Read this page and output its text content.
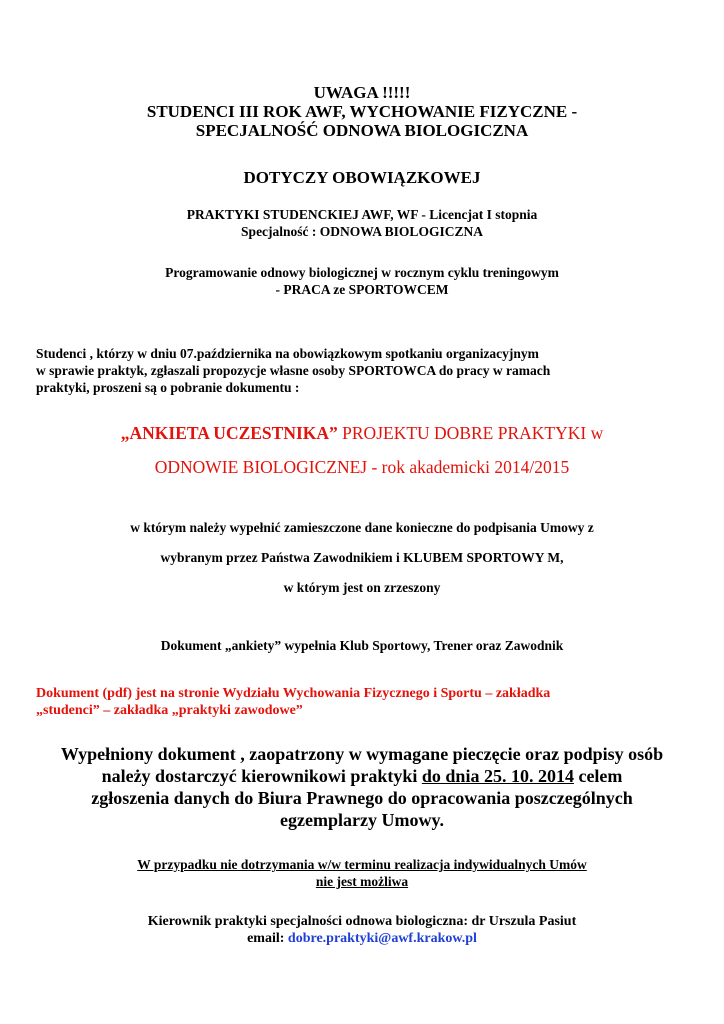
UWAGA !!!!!
STUDENCI III ROK AWF, WYCHOWANIE FIZYCZNE -
SPECJALNOŚĆ ODNOWA BIOLOGICZNA
DOTYCZY OBOWIĄZKOWEJ
PRAKTYKI STUDENCKIEJ AWF, WF - Licencjat I stopnia
Specjalność : ODNOWA BIOLOGICZNA
Programowanie odnowy biologicznej w rocznym cyklu treningowym
- PRACA ze SPORTOWCEM
Studenci , którzy w dniu 07.października na obowiązkowym spotkaniu organizacyjnym
w sprawie praktyk, zgłaszali propozycje własne osoby SPORTOWCA do pracy w ramach
praktyki, proszeni są o pobranie dokumentu :
„ANKIETA UCZESTNIKA” PROJEKTU DOBRE PRAKTYKI w
ODNOWIE BIOLOGICZNEJ - rok akademicki 2014/2015
w którym należy wypełnić zamieszczone dane konieczne do podpisania Umowy z
wybranym przez Państwa Zawodnikiem i KLUBEM SPORTOWY M,
w którym jest on zrzeszony
Dokument „ankiety” wypełnia Klub Sportowy, Trener oraz Zawodnik
Dokument (pdf) jest na stronie Wydziału Wychowania Fizycznego i Sportu – zakładka
„studenci” – zakładka „praktyki zawodowe”
Wypełniony dokument , zaopatrzony w wymagane pieczęcie oraz podpisy osób
należy dostarczyć kierownikowi praktyki do dnia 25. 10. 2014 celem
zgłoszenia danych do Biura Prawnego do opracowania poszczególnych
egzemplarzy Umowy.
W przypadku nie dotrzymania w/w terminu realizacja indywidualnych Umów
nie jest możliwa
Kierownik praktyki specjalności odnowa biologiczna: dr Urszula Pasiut
email: dobre.praktyki@awf.krakow.pl
